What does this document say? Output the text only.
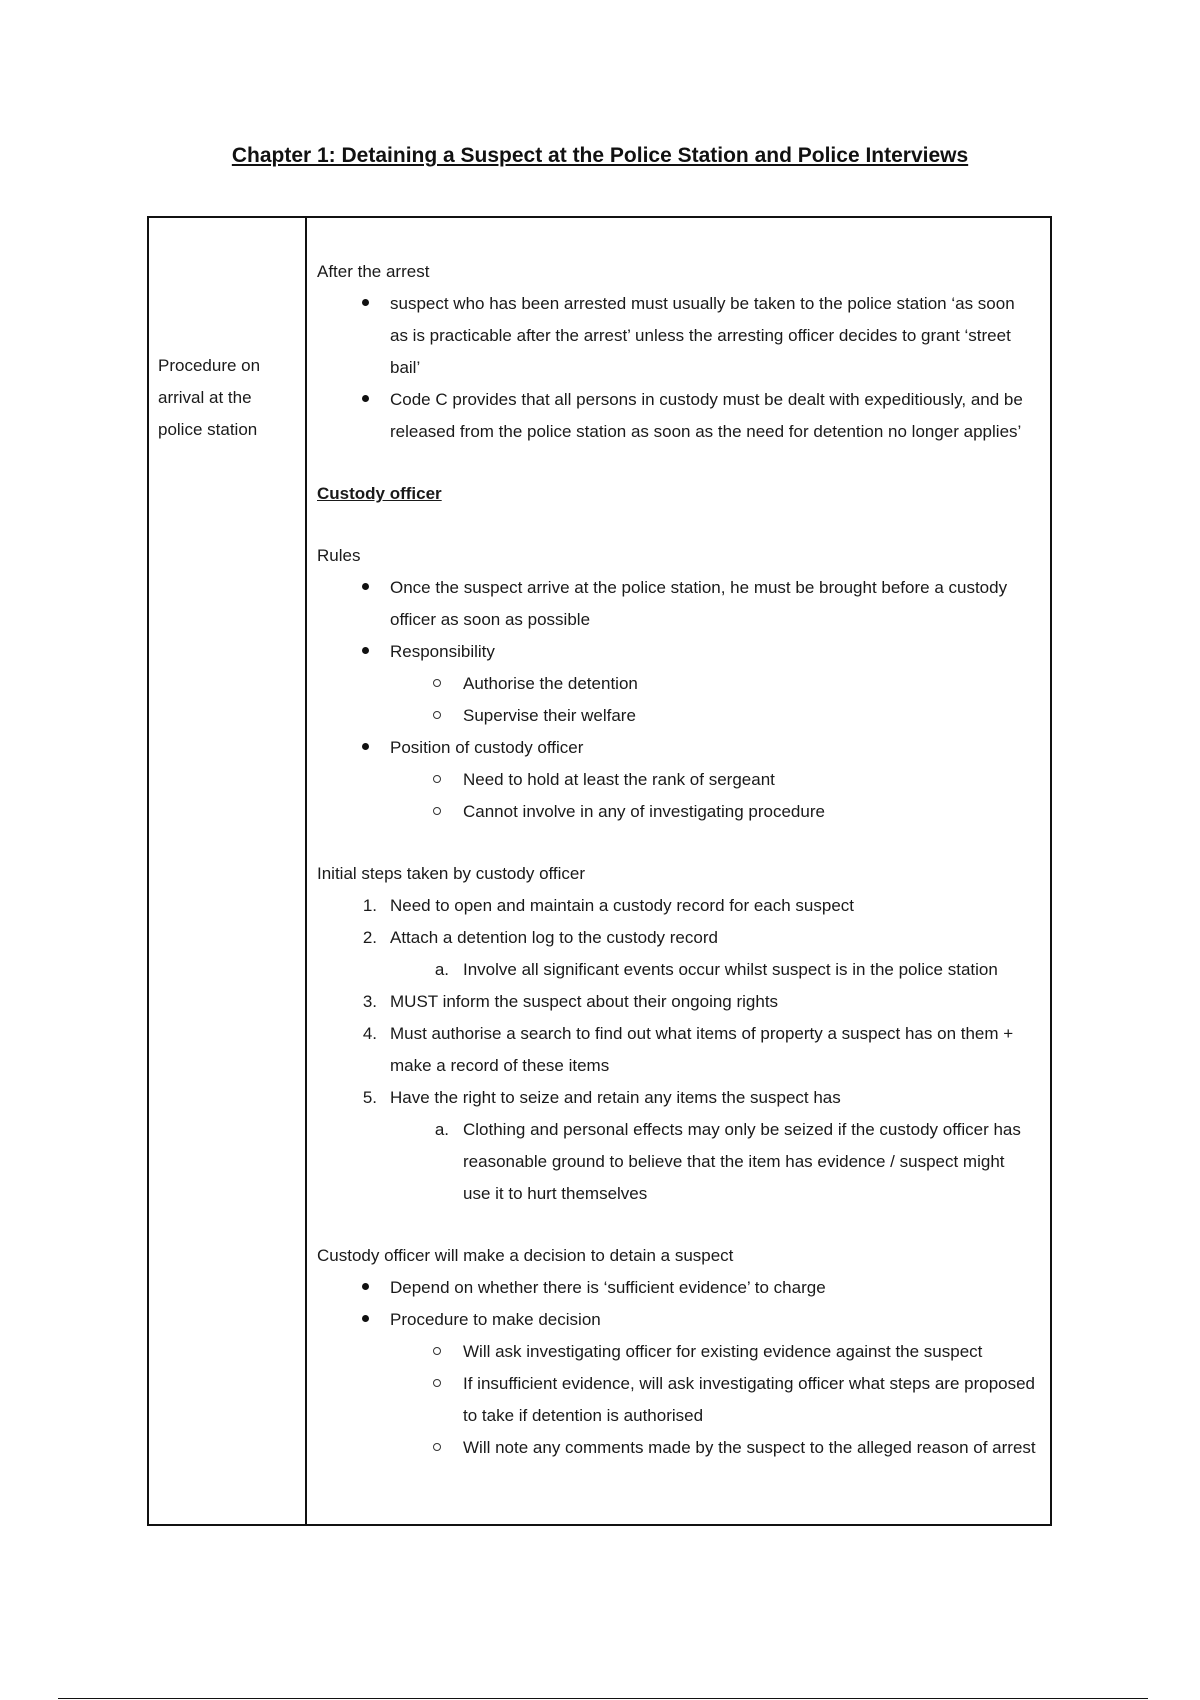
Chapter 1: Detaining a Suspect at the Police Station and Police Interviews
Procedure on arrival at the police station

After the arrest

suspect who has been arrested must usually be taken to the police station ‘as soon as is practicable after the arrest’ unless the arresting officer decides to grant ‘street bail’
Code C provides that all persons in custody must be dealt with expeditiously, and be released from the police station as soon as the need for detention no longer applies’

Custody officer

Rules

Once the suspect arrive at the police station, he must be brought before a custody officer as soon as possible
Responsibility
Authorise the detention
Supervise their welfare
Position of custody officer
Need to hold at least the rank of sergeant
Cannot involve in any of investigating procedure

Initial steps taken by custody officer

1. Need to open and maintain a custody record for each suspect
2. Attach a detention log to the custody record
a. Involve all significant events occur whilst suspect is in the police station
3. MUST inform the suspect about their ongoing rights
4. Must authorise a search to find out what items of property a suspect has on them + make a record of these items
5. Have the right to seize and retain any items the suspect has
a. Clothing and personal effects may only be seized if the custody officer has reasonable ground to believe that the item has evidence / suspect might use it to hurt themselves

Custody officer will make a decision to detain a suspect

Depend on whether there is ‘sufficient evidence’ to charge
Procedure to make decision
Will ask investigating officer for existing evidence against the suspect
If insufficient evidence, will ask investigating officer what steps are proposed to take if detention is authorised
Will note any comments made by the suspect to the alleged reason of arrest
